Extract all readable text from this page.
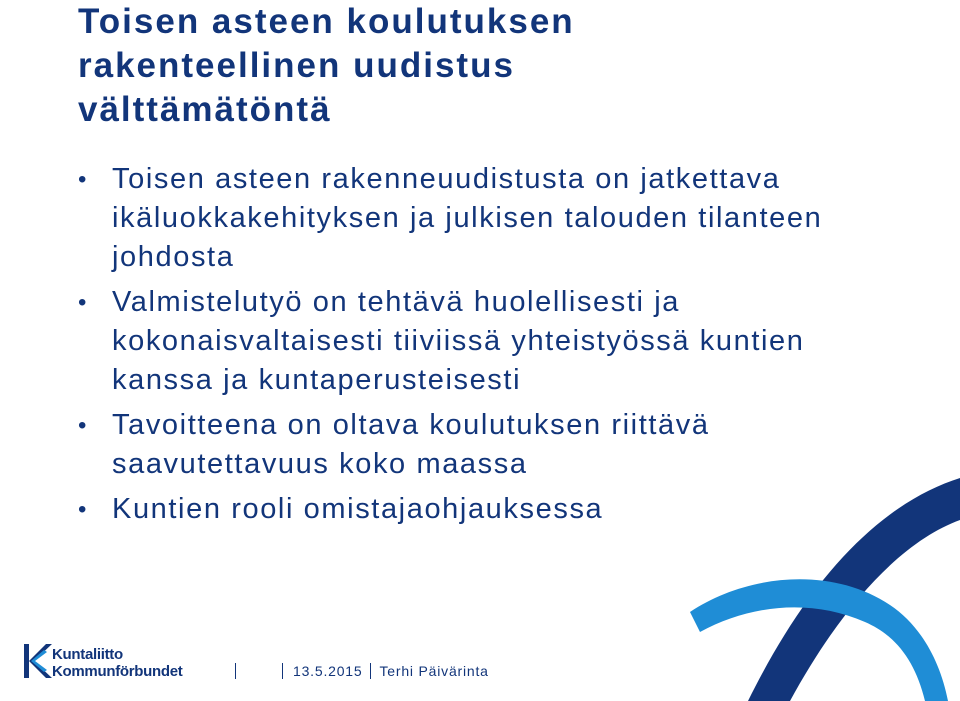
Toisen asteen koulutuksen
rakenteellinen uudistus
välttämätöntä
• Toisen asteen rakenneuudistusta on jatkettava ikäluokkakehityksen ja julkisen talouden tilanteen johdosta
• Valmistelutyö on tehtävä huolellisesti ja kokonaisvaltaisesti tiiviissä yhteistyössä kuntien kanssa ja kuntaperusteisesti
• Tavoitteena on oltava koulutuksen riittävä saavutettavuus koko maassa
• Kuntien rooli omistajaohjauksessa
Kuntaliitto
Kommunförbundet	13.5.2015 Terhi Päivärinta
